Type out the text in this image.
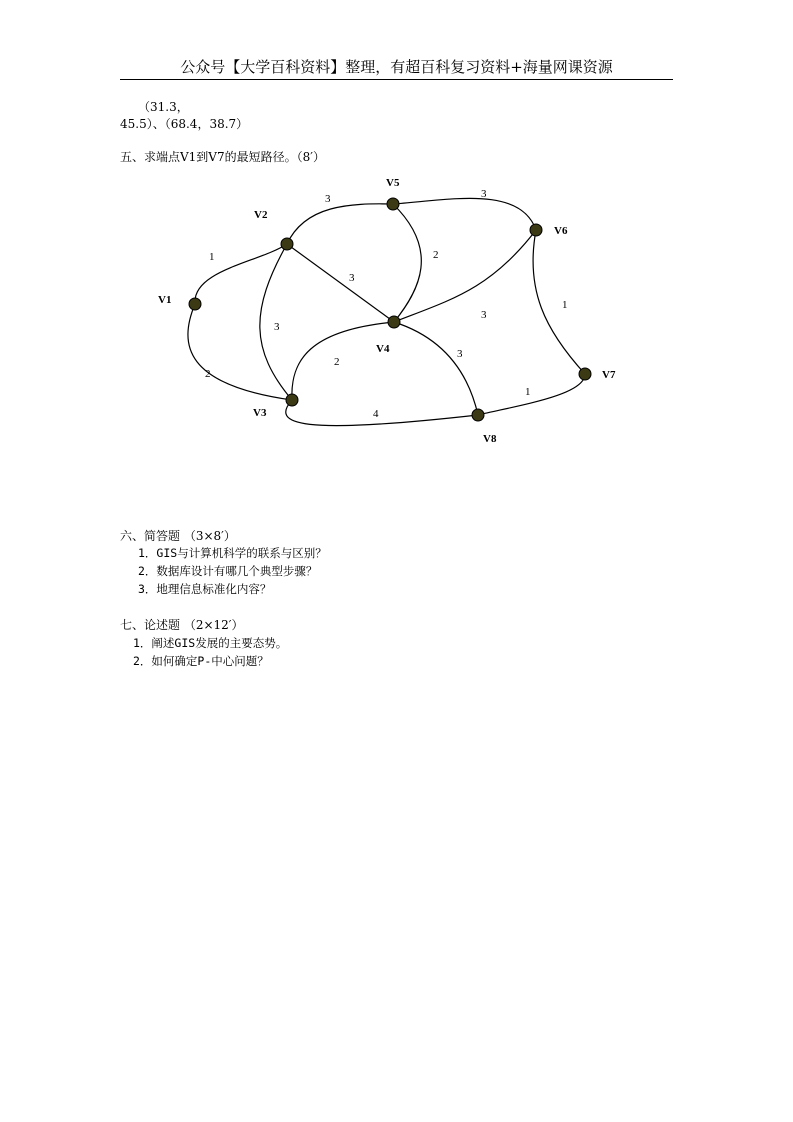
公众号【大学百科资料】整理，有超百科复习资料+海量网课资源
（31.3，
45.5）、（68.4，38.7）
五、求端点V1到V7的最短路径。（8′）
1
2
3
3
3
3
2
3
1
2
3
4
1
V1
V2
V3
V4
V5
V6
V7
V8
六、简答题 （3×8′）
1．GIS与计算机科学的联系与区别？
2．数据库设计有哪几个典型步骤？
3．地理信息标准化内容？
七、论述题 （2×12′）
1．阐述GIS发展的主要态势。
2．如何确定P-中心问题？
